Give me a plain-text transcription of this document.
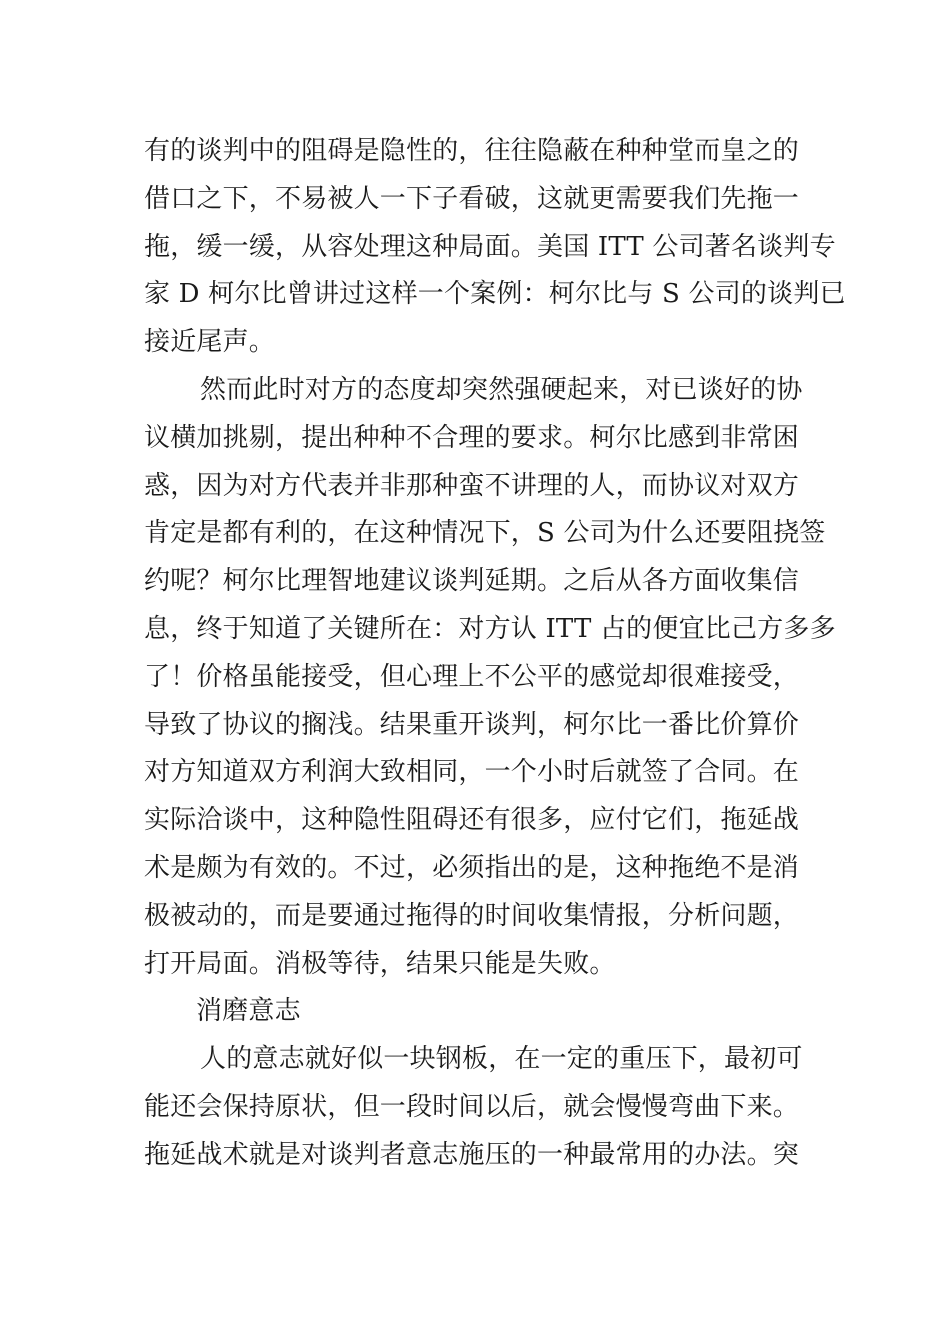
有的谈判中的阻碍是隐性的，往往隐蔽在种种堂而皇之的
借口之下，不易被人一下子看破，这就更需要我们先拖一
拖，缓一缓，从容处理这种局面。美国 ITT 公司著名谈判专
家 D 柯尔比曾讲过这样一个案例：柯尔比与 S 公司的谈判已
接近尾声。
然而此时对方的态度却突然强硬起来，对已谈好的协
议横加挑剔，提出种种不合理的要求。柯尔比感到非常困
惑，因为对方代表并非那种蛮不讲理的人，而协议对双方
肯定是都有利的，在这种情况下，S 公司为什么还要阻挠签
约呢？柯尔比理智地建议谈判延期。之后从各方面收集信
息，终于知道了关键所在：对方认 ITT 占的便宜比己方多多
了！价格虽能接受，但心理上不公平的感觉却很难接受，
导致了协议的搁浅。结果重开谈判，柯尔比一番比价算价
对方知道双方利润大致相同，一个小时后就签了合同。在
实际洽谈中，这种隐性阻碍还有很多，应付它们，拖延战
术是颇为有效的。不过，必须指出的是，这种拖绝不是消
极被动的，而是要通过拖得的时间收集情报，分析问题，
打开局面。消极等待，结果只能是失败。
消磨意志
人的意志就好似一块钢板，在一定的重压下，最初可
能还会保持原状，但一段时间以后，就会慢慢弯曲下来。
拖延战术就是对谈判者意志施压的一种最常用的办法。突
